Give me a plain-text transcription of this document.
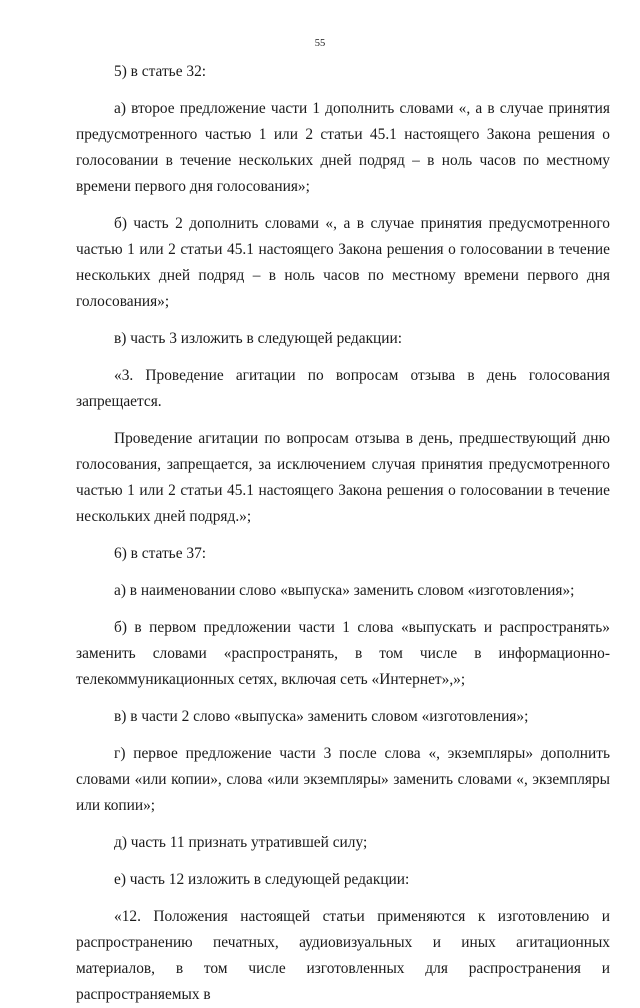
55

5) в статье 32:

а) второе предложение части 1 дополнить словами «, а в случае принятия предусмотренного частью 1 или 2 статьи 45.1 настоящего Закона решения о голосовании в течение нескольких дней подряд – в ноль часов по местному времени первого дня голосования»;

б) часть 2 дополнить словами «, а в случае принятия предусмотренного частью 1 или 2 статьи 45.1 настоящего Закона решения о голосовании в течение нескольких дней подряд – в ноль часов по местному времени первого дня голосования»;

в) часть 3 изложить в следующей редакции:

«3. Проведение агитации по вопросам отзыва в день голосования запрещается.

Проведение агитации по вопросам отзыва в день, предшествующий дню голосования, запрещается, за исключением случая принятия предусмотренного частью 1 или 2 статьи 45.1 настоящего Закона решения о голосовании в течение нескольких дней подряд.»;

6) в статье 37:

а) в наименовании слово «выпуска» заменить словом «изготовления»;

б) в первом предложении части 1 слова «выпускать и распространять» заменить словами «распространять, в том числе в информационно-телекоммуникационных сетях, включая сеть «Интернет»,»;

в) в части 2 слово «выпуска» заменить словом «изготовления»;

г) первое предложение части 3 после слова «, экземпляры» дополнить словами «или копии», слова «или экземпляры» заменить словами «, экземпляры или копии»;

д) часть 11 признать утратившей силу;

е) часть 12 изложить в следующей редакции:

«12. Положения настоящей статьи применяются к изготовлению и распространению печатных, аудиовизуальных и иных агитационных материалов, в том числе изготовленных для распространения и распространяемых в
